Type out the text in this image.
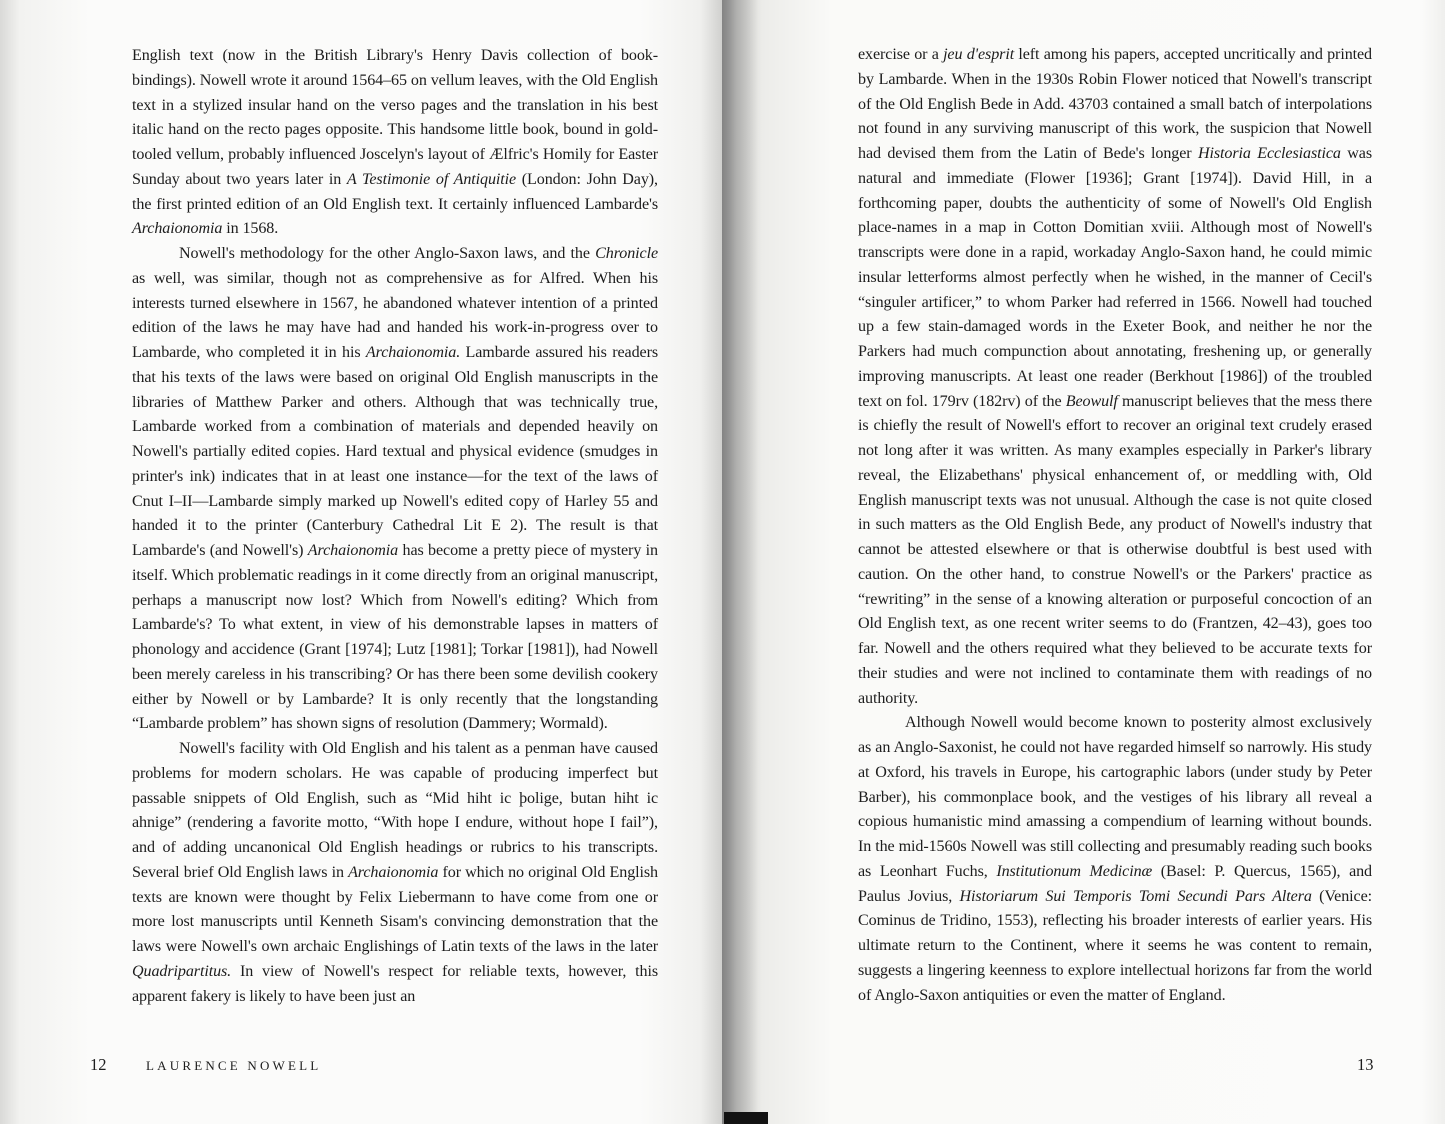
English text (now in the British Library's Henry Davis collection of book-bindings). Nowell wrote it around 1564–65 on vellum leaves, with the Old English text in a stylized insular hand on the verso pages and the translation in his best italic hand on the recto pages opposite. This handsome little book, bound in gold-tooled vellum, probably influenced Joscelyn's layout of Ælfric's Homily for Easter Sunday about two years later in A Testimonie of Antiquitie (London: John Day), the first printed edition of an Old English text. It certainly influenced Lambarde's Archaionomia in 1568.

Nowell's methodology for the other Anglo-Saxon laws, and the Chronicle as well, was similar, though not as comprehensive as for Alfred. When his interests turned elsewhere in 1567, he abandoned whatever intention of a printed edition of the laws he may have had and handed his work-in-progress over to Lambarde, who completed it in his Archaionomia. Lambarde assured his readers that his texts of the laws were based on original Old English manuscripts in the libraries of Matthew Parker and others. Although that was technically true, Lambarde worked from a combination of materials and depended heavily on Nowell's partially edited copies. Hard textual and physical evidence (smudges in printer's ink) indicates that in at least one instance—for the text of the laws of Cnut I–II—Lambarde simply marked up Nowell's edited copy of Harley 55 and handed it to the printer (Canterbury Cathedral Lit E 2). The result is that Lambarde's (and Nowell's) Archaionomia has become a pretty piece of mystery in itself. Which problematic readings in it come directly from an original manuscript, perhaps a manuscript now lost? Which from Nowell's editing? Which from Lambarde's? To what extent, in view of his demonstrable lapses in matters of phonology and accidence (Grant [1974]; Lutz [1981]; Torkar [1981]), had Nowell been merely careless in his transcribing? Or has there been some devilish cookery either by Nowell or by Lambarde? It is only recently that the longstanding “Lambarde problem” has shown signs of resolution (Dammery; Wormald).

Nowell's facility with Old English and his talent as a penman have caused problems for modern scholars. He was capable of producing imperfect but passable snippets of Old English, such as “Mid hiht ic þolige, butan hiht ic ahnige” (rendering a favorite motto, “With hope I endure, without hope I fail”), and of adding uncanonical Old English headings or rubrics to his transcripts. Several brief Old English laws in Archaionomia for which no original Old English texts are known were thought by Felix Liebermann to have come from one or more lost manuscripts until Kenneth Sisam's convincing demonstration that the laws were Nowell's own archaic Englishings of Latin texts of the laws in the later Quadripartitus. In view of Nowell's respect for reliable texts, however, this apparent fakery is likely to have been just an

12	LAURENCE NOWELL

exercise or a jeu d'esprit left among his papers, accepted uncritically and printed by Lambarde. When in the 1930s Robin Flower noticed that Nowell's transcript of the Old English Bede in Add. 43703 contained a small batch of interpolations not found in any surviving manuscript of this work, the suspicion that Nowell had devised them from the Latin of Bede's longer Historia Ecclesiastica was natural and immediate (Flower [1936]; Grant [1974]). David Hill, in a forthcoming paper, doubts the authenticity of some of Nowell's Old English place-names in a map in Cotton Domitian xviii. Although most of Nowell's transcripts were done in a rapid, workaday Anglo-Saxon hand, he could mimic insular letterforms almost perfectly when he wished, in the manner of Cecil's “singuler artificer,” to whom Parker had referred in 1566. Nowell had touched up a few stain-damaged words in the Exeter Book, and neither he nor the Parkers had much compunction about annotating, freshening up, or generally improving manuscripts. At least one reader (Berkhout [1986]) of the troubled text on fol. 179rv (182rv) of the Beowulf manuscript believes that the mess there is chiefly the result of Nowell's effort to recover an original text crudely erased not long after it was written. As many examples especially in Parker's library reveal, the Elizabethans' physical enhancement of, or meddling with, Old English manuscript texts was not unusual. Although the case is not quite closed in such matters as the Old English Bede, any product of Nowell's industry that cannot be attested elsewhere or that is otherwise doubtful is best used with caution. On the other hand, to construe Nowell's or the Parkers' practice as “rewriting” in the sense of a knowing alteration or purposeful concoction of an Old English text, as one recent writer seems to do (Frantzen, 42–43), goes too far. Nowell and the others required what they believed to be accurate texts for their studies and were not inclined to contaminate them with readings of no authority.

Although Nowell would become known to posterity almost exclusively as an Anglo-Saxonist, he could not have regarded himself so narrowly. His study at Oxford, his travels in Europe, his cartographic labors (under study by Peter Barber), his commonplace book, and the vestiges of his library all reveal a copious humanistic mind amassing a compendium of learning without bounds. In the mid-1560s Nowell was still collecting and presumably reading such books as Leonhart Fuchs, Institutionum Medicinæ (Basel: P. Quercus, 1565), and Paulus Jovius, Historiarum Sui Temporis Tomi Secundi Pars Altera (Venice: Cominus de Tridino, 1553), reflecting his broader interests of earlier years. His ultimate return to the Continent, where it seems he was content to remain, suggests a lingering keenness to explore intellectual horizons far from the world of Anglo-Saxon antiquities or even the matter of England.

13
